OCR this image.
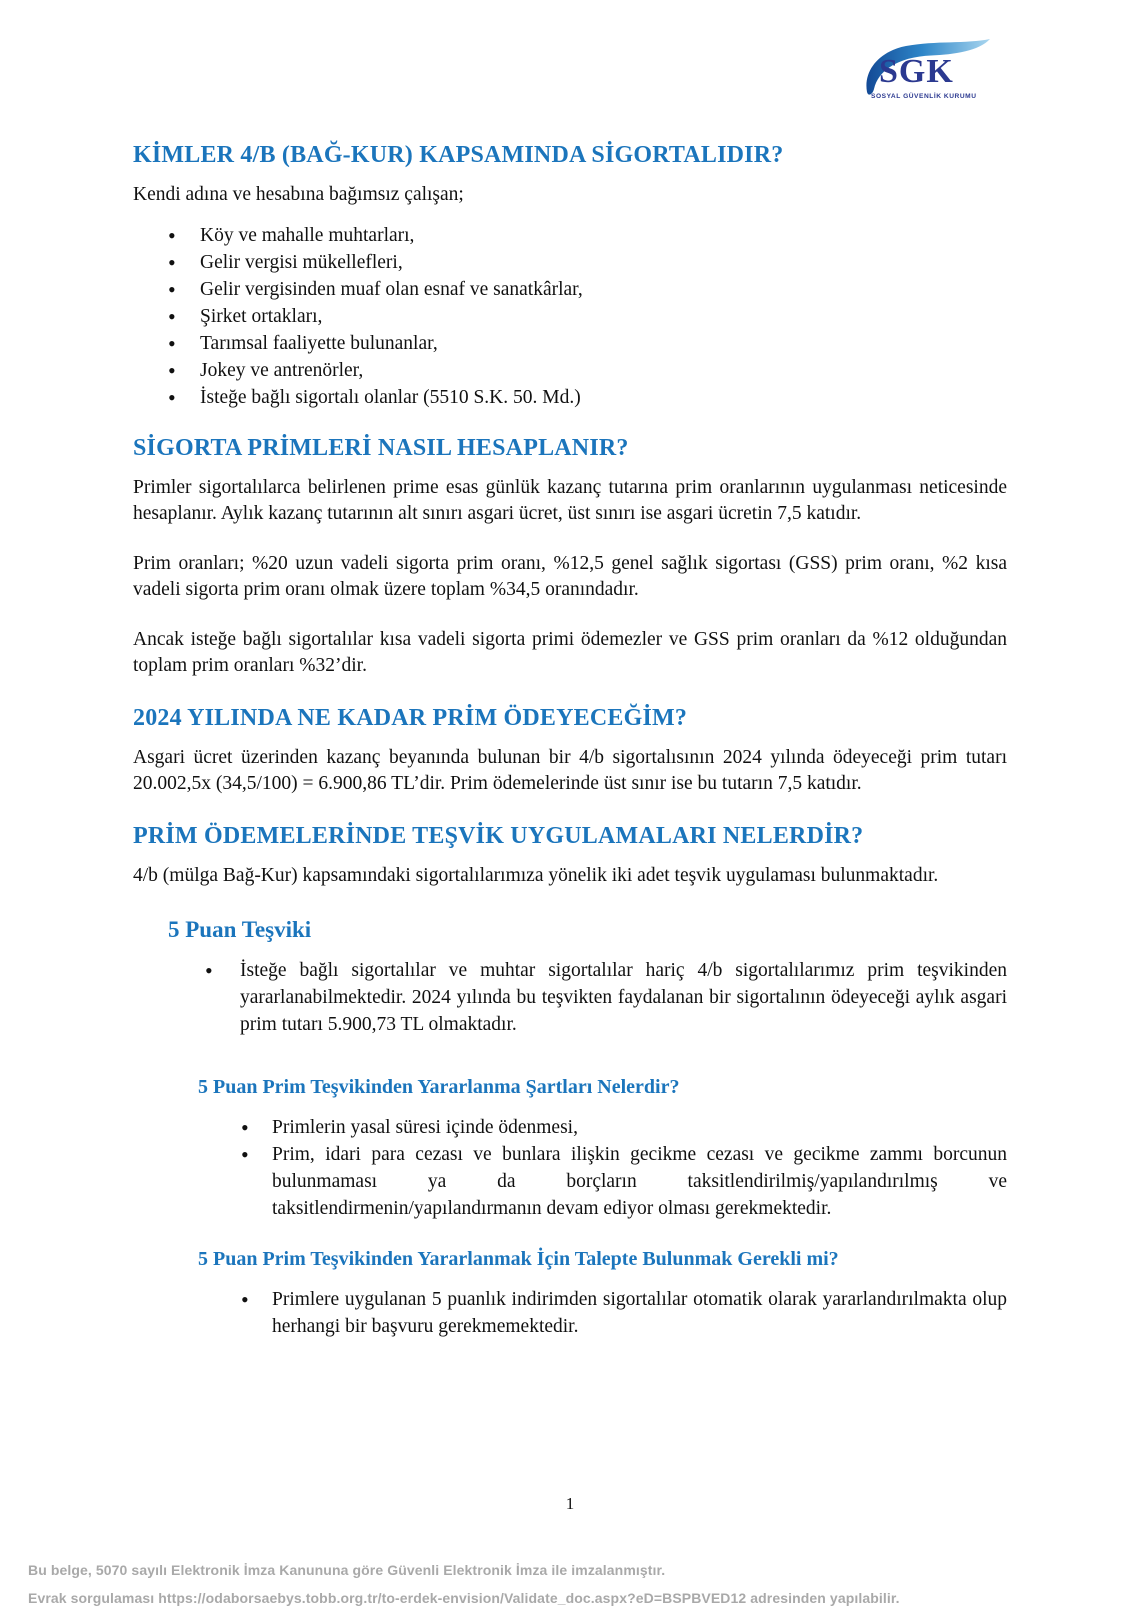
SGK
SOSYAL GÜVENLİK KURUMU
KİMLER 4/B (BAĞ-KUR) KAPSAMINDA SİGORTALIDIR?

Kendi adına ve hesabına bağımsız çalışan;

• Köy ve mahalle muhtarları,
• Gelir vergisi mükellefleri,
• Gelir vergisinden muaf olan esnaf ve sanatkârlar,
• Şirket ortakları,
• Tarımsal faaliyette bulunanlar,
• Jokey ve antrenörler,
• İsteğe bağlı sigortalı olanlar (5510 S.K. 50. Md.)
SİGORTA PRİMLERİ NASIL HESAPLANIR?

Primler sigortalılarca belirlenen prime esas günlük kazanç tutarına prim oranlarının uygulanması neticesinde hesaplanır. Aylık kazanç tutarının alt sınırı asgari ücret, üst sınırı ise asgari ücretin 7,5 katıdır.

Prim oranları; %20 uzun vadeli sigorta prim oranı, %12,5 genel sağlık sigortası (GSS) prim oranı, %2 kısa vadeli sigorta prim oranı olmak üzere toplam %34,5 oranındadır.

Ancak isteğe bağlı sigortalılar kısa vadeli sigorta primi ödemezler ve GSS prim oranları da %12 olduğundan toplam prim oranları %32’dir.

2024 YILINDA NE KADAR PRİM ÖDEYECEĞİM?

Asgari ücret üzerinden kazanç beyanında bulunan bir 4/b sigortalısının 2024 yılında ödeyeceği prim tutarı 20.002,5x (34,5/100) = 6.900,86 TL’dir. Prim ödemelerinde üst sınır ise bu tutarın 7,5 katıdır.

PRİM ÖDEMELERİNDE TEŞVİK UYGULAMALARI NELERDİR?

4/b (mülga Bağ-Kur) kapsamındaki sigortalılarımıza yönelik iki adet teşvik uygulaması bulunmaktadır.

5 Puan Teşviki
• İsteğe bağlı sigortalılar ve muhtar sigortalılar hariç 4/b sigortalılarımız prim teşvikinden yararlanabilmektedir. 2024 yılında bu teşvikten faydalanan bir sigortalının ödeyeceği aylık asgari prim tutarı 5.900,73 TL olmaktadır.
5 Puan Prim Teşvikinden Yararlanma Şartları Nelerdir?
• Primlerin yasal süresi içinde ödenmesi,
• Prim, idari para cezası ve bunlara ilişkin gecikme cezası ve gecikme zammı borcunun bulunmaması ya da borçların taksitlendirilmiş/yapılandırılmış ve taksitlendirmenin/yapılandırmanın devam ediyor olması gerekmektedir.
5 Puan Prim Teşvikinden Yararlanmak İçin Talepte Bulunmak Gerekli mi?
• Primlere uygulanan 5 puanlık indirimden sigortalılar otomatik olarak yararlandırılmakta olup herhangi bir başvuru gerekmemektedir.
1
Bu belge, 5070 sayılı Elektronik İmza Kanununa göre Güvenli Elektronik İmza ile imzalanmıştır.
Evrak sorgulaması https://odaborsaebys.tobb.org.tr/to-erdek-envision/Validate_doc.aspx?eD=BSPBVED12 adresinden yapılabilir.
